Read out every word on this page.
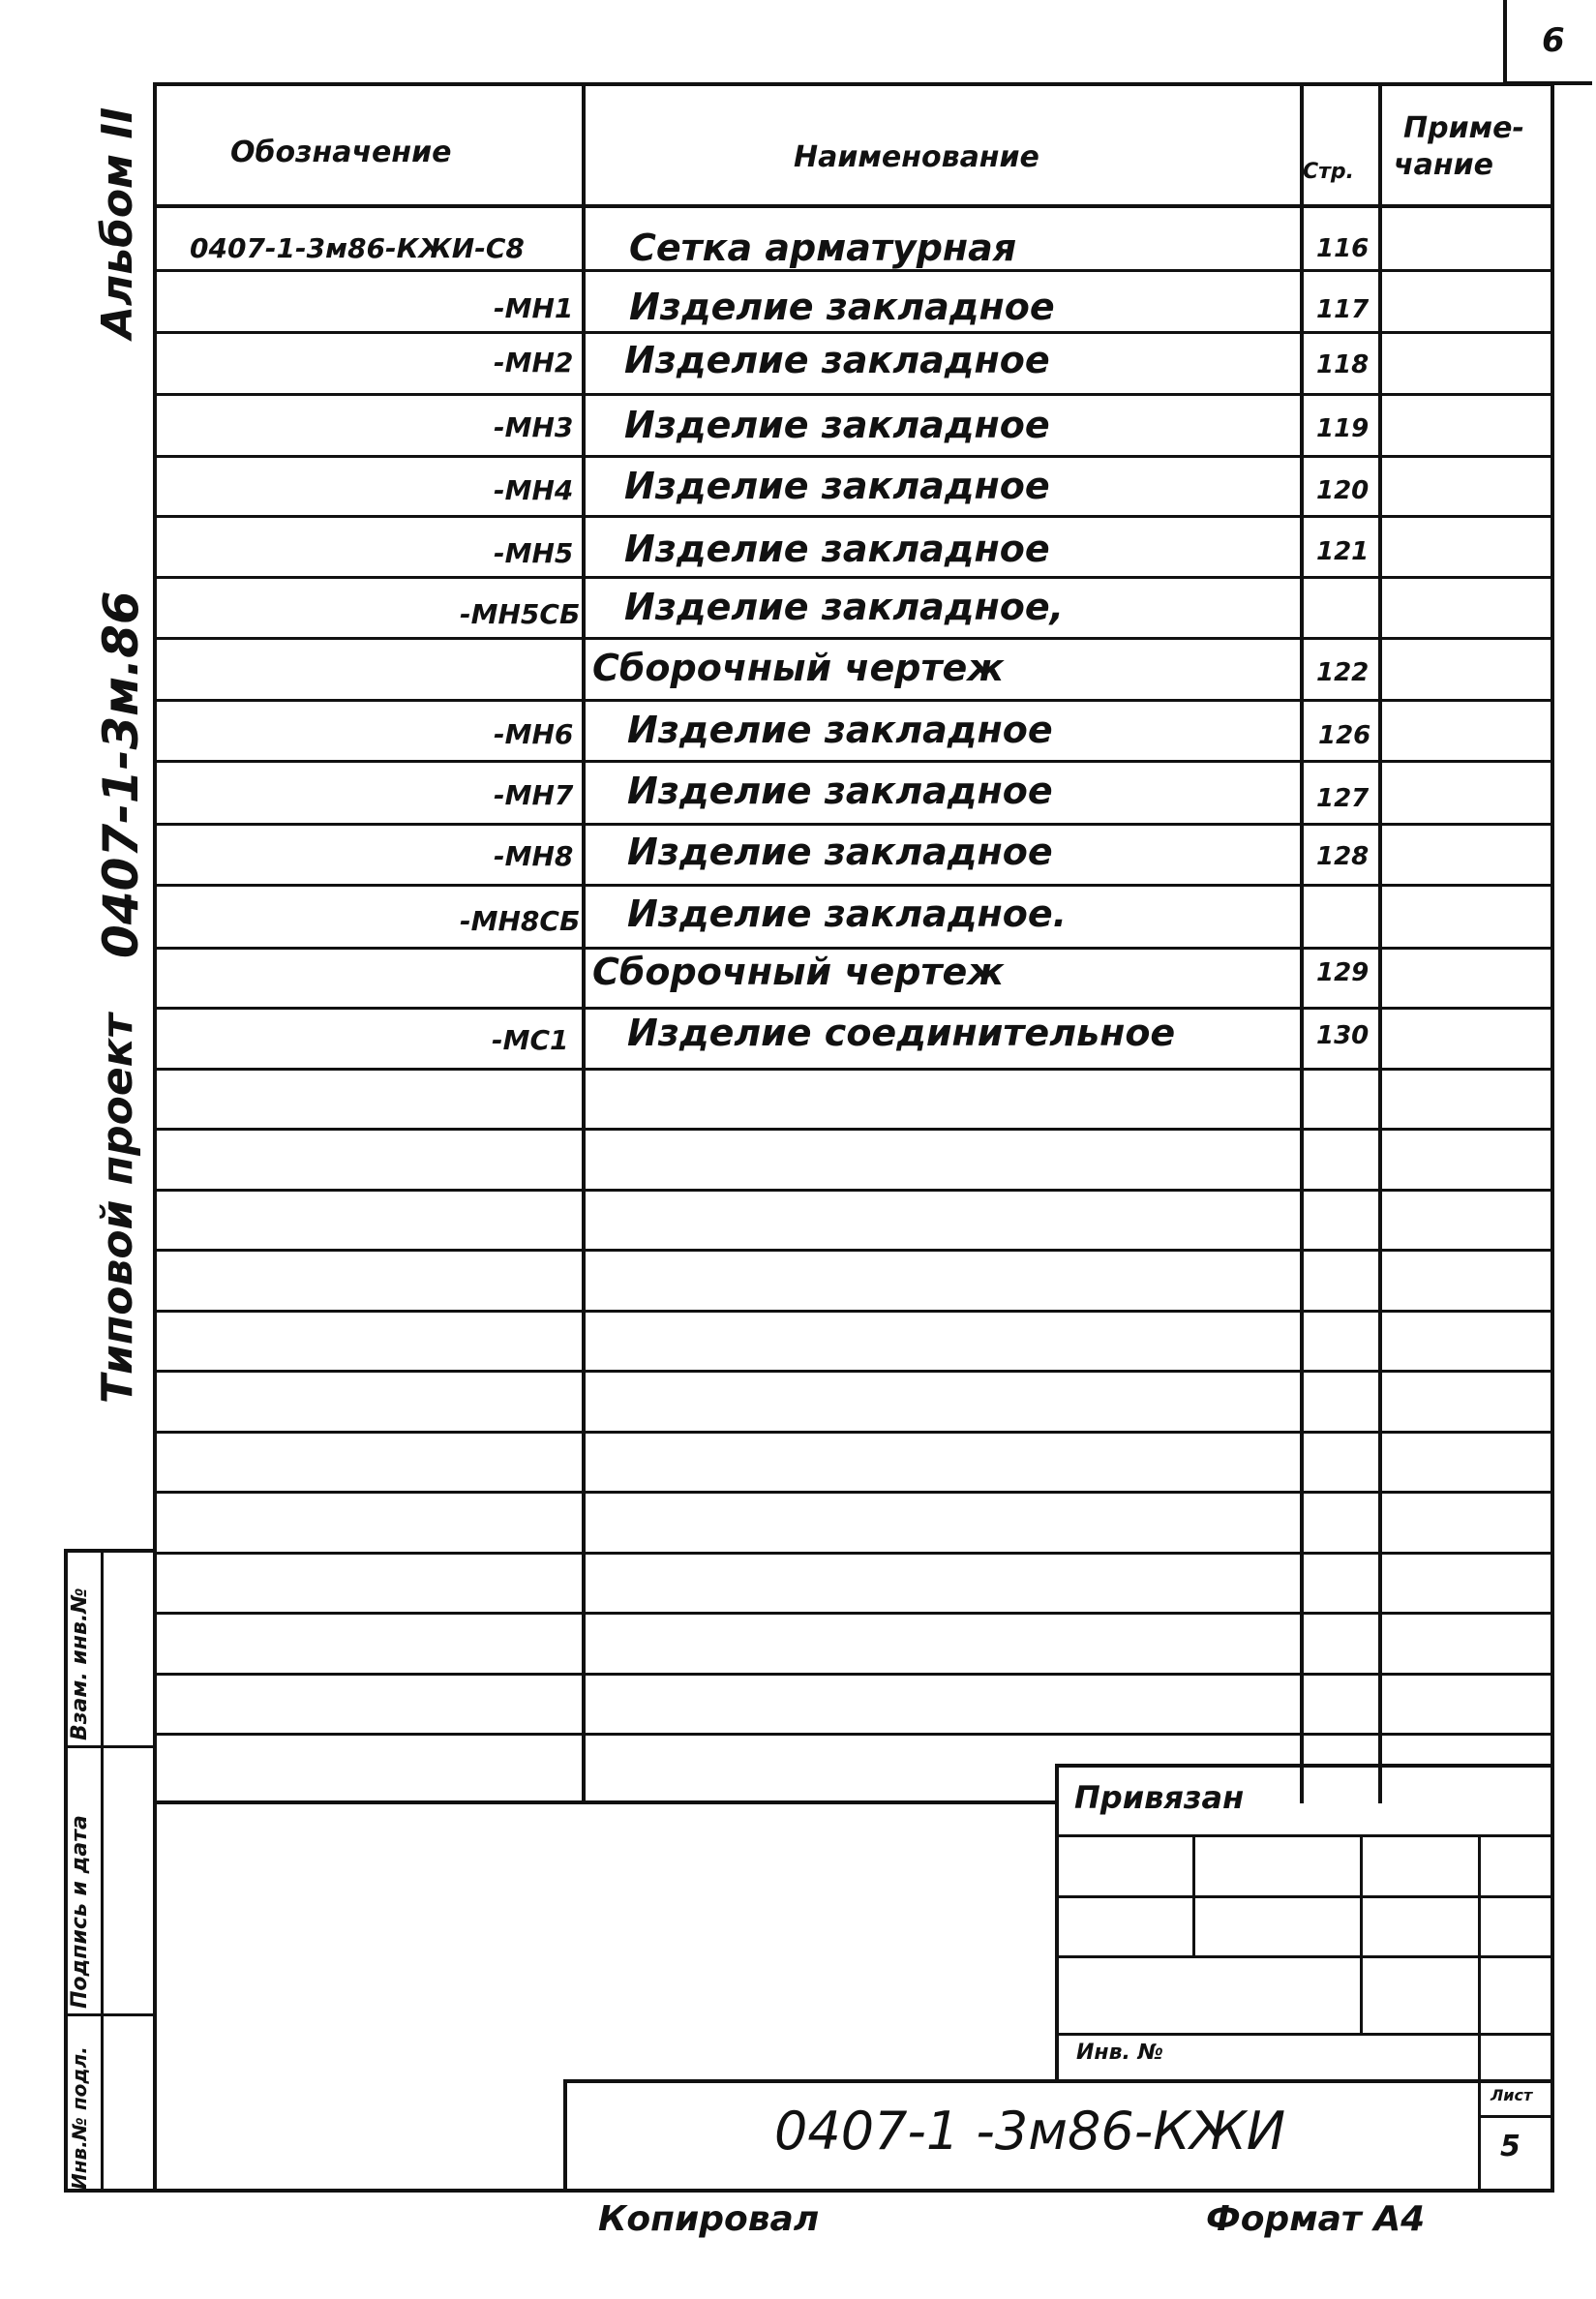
6
Альбом II
0407-1-3м.86
Типовой проект
Обозначение	Наименование	Стр.
Приме-
чание
0407-1-3м86-КЖИ-С8	Сетка арматурная	116
-МН1 Изделие закладное	117
-МН2 Изделие закладное	118
-МН3 Изделие закладное	119
-МН4 Изделие закладное	120
-МН5 Изделие закладное	121
-МН5СБ Изделие закладное,
Сборочный чертеж	122
-МН6 Изделие закладное	126
-МН7 Изделие закладное	127
-МН8 Изделие закладное	128
-МН8СБ Изделие закладное.
Сборочный чертеж	129
-МС1 Изделие соединительное	130
Взам. инв.№
Подпись и дата
Инв.№ подл.
Привязан
Инв. №
0407-1 -3м86-КЖИ
Лист
5
Копировал	Формат А4
